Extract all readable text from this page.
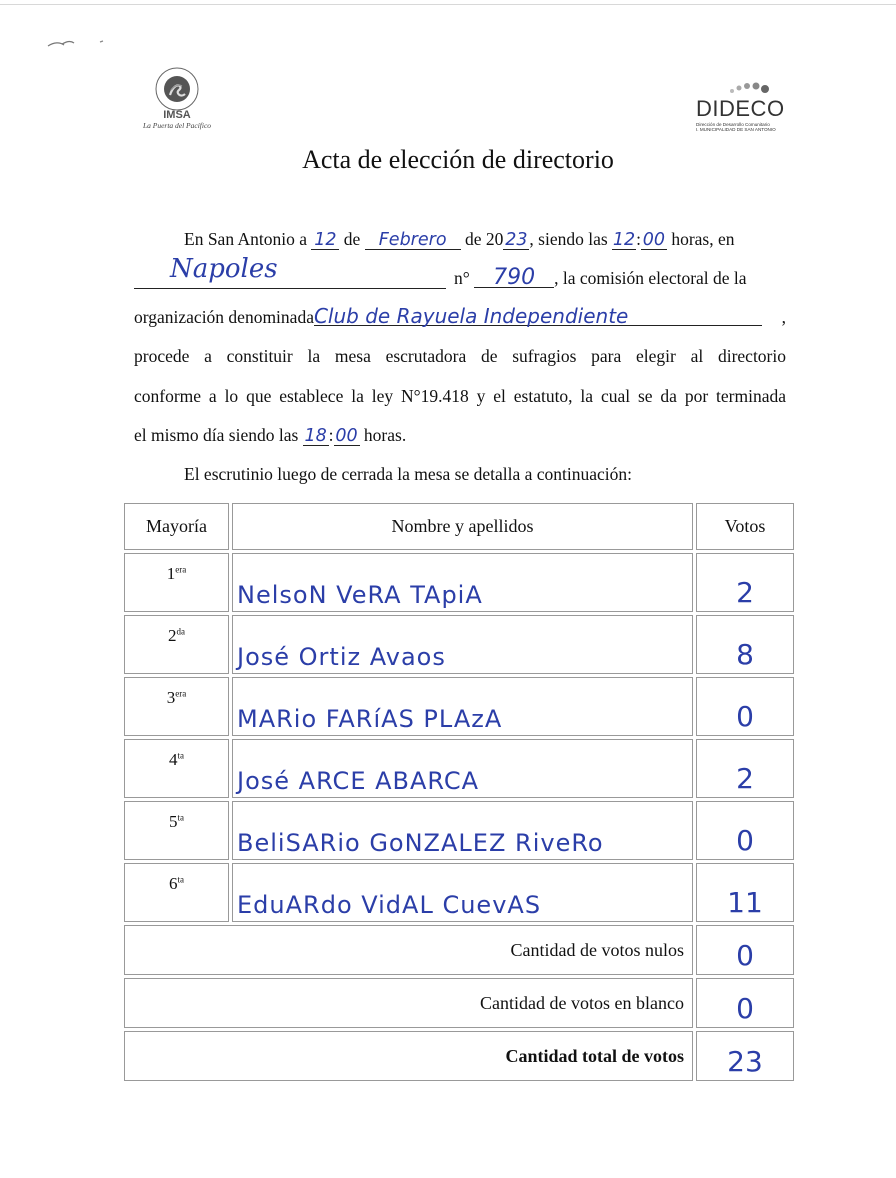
IMSA
La Puerta del Pacífico
DIDECO
Dirección de Desarrollo Comunitario
I. MUNICIPALIDAD DE SAN ANTONIO
Acta de elección de directorio
En San Antonio a 12 de Febrero de 20 23 , siendo las 12: 00 horas, en
Napoles	n° 790 , la comisión electoral de la
organización denominadaClub de Rayuela Independiente	,
procede a constituir la mesa escrutadora de sufragios para elegir al directorio
conforme a lo que establece la ley N°19.418 y el estatuto, la cual se da por terminada
el mismo día siendo las 18 : 00 horas.
El escrutinio luego de cerrada la mesa se detalla a continuación:
Mayoría	Nombre y apellidos	Votos
$1^{era}$	NelsoN VeRA TApiA	2
$2^{da}$	José Ortiz Avaos	8
$3^{era}$	MARio FARíAS PLAzA	0
$4^{ta}$	José ARCE ABARCA	2
$5^{ta}$	BeliSARio GoNZALEZ RiveRo	0
$6^{ta}$	EduARdo VidAL CuevAS	11
Cantidad de votos nulos		0
Cantidad de votos en blanco		0
Cantidad total de votos		23
